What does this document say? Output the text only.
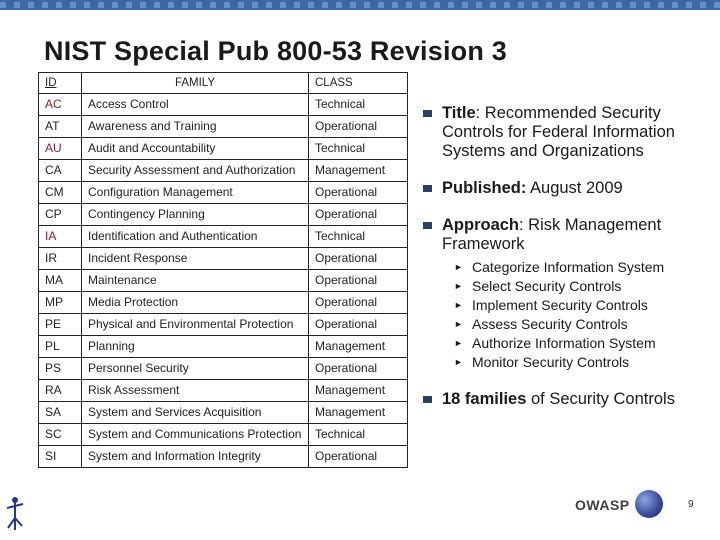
NIST Special Pub 800-53 Revision 3
ID	FAMILY	CLASS
AC	Access Control	Technical
AT	Awareness and Training	Operational
AU	Audit and Accountability	Technical
CA	Security Assessment and Authorization	Management
CM	Configuration Management	Operational
CP	Contingency Planning	Operational
IA	Identification and Authentication	Technical
IR	Incident Response	Operational
MA	Maintenance	Operational
MP	Media Protection	Operational
PE	Physical and Environmental Protection	Operational
PL	Planning	Management
PS	Personnel Security	Operational
RA	Risk Assessment	Management
SA	System and Services Acquisition	Management
SC	System and Communications Protection	Technical
SI	System and Information Integrity	Operational
Title: Recommended Security Controls for Federal Information Systems and Organizations
Published: August 2009
Approach: Risk Management Framework
► Categorize Information System
► Select Security Controls
► Implement Security Controls
► Assess Security Controls
► Authorize Information System
► Monitor Security Controls
18 families of Security Controls
OWASP	9
